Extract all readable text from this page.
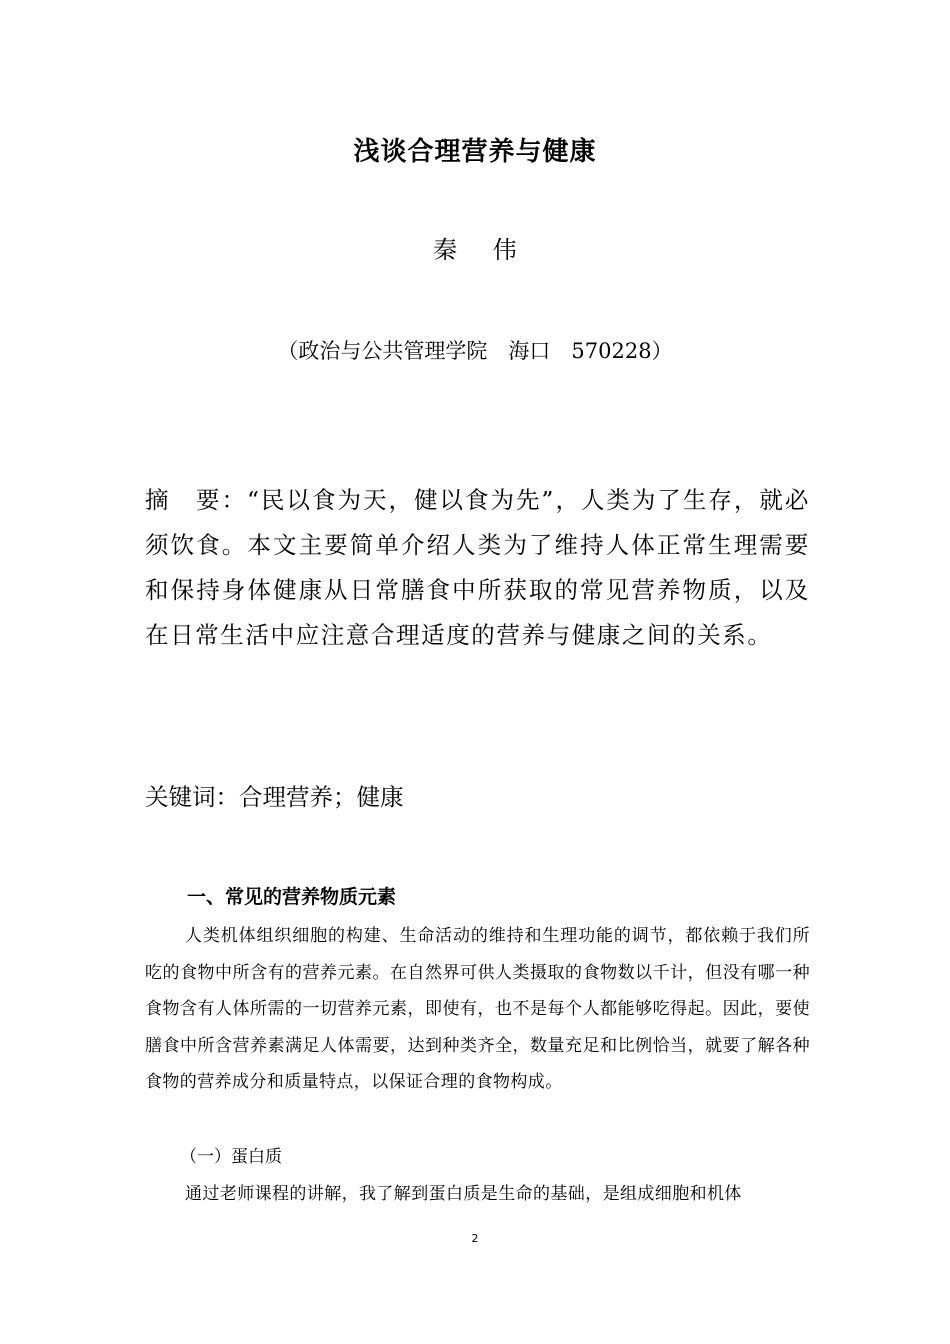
浅谈合理营养与健康
秦 伟
（政治与公共管理学院　海口　570228）
摘　要：“民以食为天，健以食为先”，人类为了生存，就必须饮食。本文主要简单介绍人类为了维持人体正常生理需要和保持身体健康从日常膳食中所获取的常见营养物质，以及在日常生活中应注意合理适度的营养与健康之间的关系。
关键词：合理营养；健康
一、常见的营养物质元素
人类机体组织细胞的构建、生命活动的维持和生理功能的调节，都依赖于我们所吃的食物中所含有的营养元素。在自然界可供人类摄取的食物数以千计，但没有哪一种食物含有人体所需的一切营养元素，即使有，也不是每个人都能够吃得起。因此，要使膳食中所含营养素满足人体需要，达到种类齐全，数量充足和比例恰当，就要了解各种食物的营养成分和质量特点，以保证合理的食物构成。
（一）蛋白质
通过老师课程的讲解，我了解到蛋白质是生命的基础，是组成细胞和机体
2
